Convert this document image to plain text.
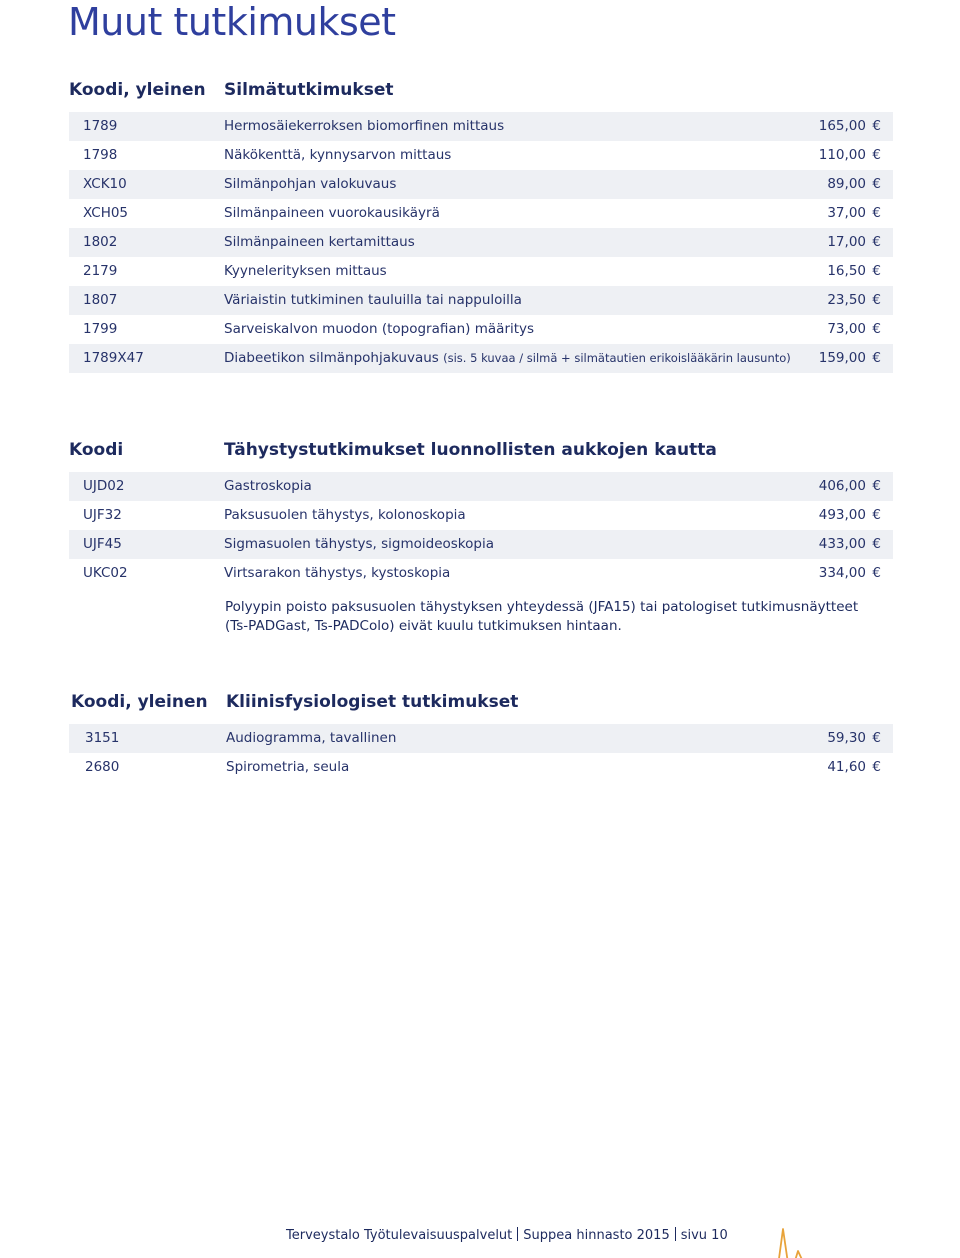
Muut tutkimukset
Koodi, yleinen Silmätutkimukset
1789	Hermosäiekerroksen biomorfinen mittaus	165,00 €
1798	Näkökenttä, kynnysarvon mittaus	110,00 €
XCK10	Silmänpohjan valokuvaus	89,00 €
XCH05	Silmänpaineen vuorokausikäyrä	37,00 €
1802	Silmänpaineen kertamittaus	17,00 €
2179	Kyynelerityksen mittaus	16,50 €
1807	Väriaistin tutkiminen tauluilla tai nappuloilla	23,50 €
1799	Sarveiskalvon muodon (topografian) määritys	73,00 €
1789X47	Diabeetikon silmänpohjakuvaus (sis. 5 kuvaa / silmä + silmätautien erikoislääkärin lausunto) 159,00 €
Koodi	Tähystystutkimukset luonnollisten aukkojen kautta
UJD02	Gastroskopia	406,00 €
UJF32	Paksusuolen tähystys, kolonoskopia	493,00 €
UJF45	Sigmasuolen tähystys, sigmoideoskopia	433,00 €
UKC02	Virtsarakon tähystys, kystoskopia	334,00 €
Polyypin poisto paksusuolen tähystyksen yhteydessä (JFA15) tai patologiset tutkimusnäytteet
(Ts-PADGast, Ts-PADColo) eivät kuulu tutkimuksen hintaan.
Koodi, yleinen Kliinisfysiologiset tutkimukset
3151	Audiogramma, tavallinen	59,30 €
2680	Spirometria, seula	41,60 €
Terveystalo Työtulevaisuuspalvelut Suppea hinnasto 2015 sivu 10
